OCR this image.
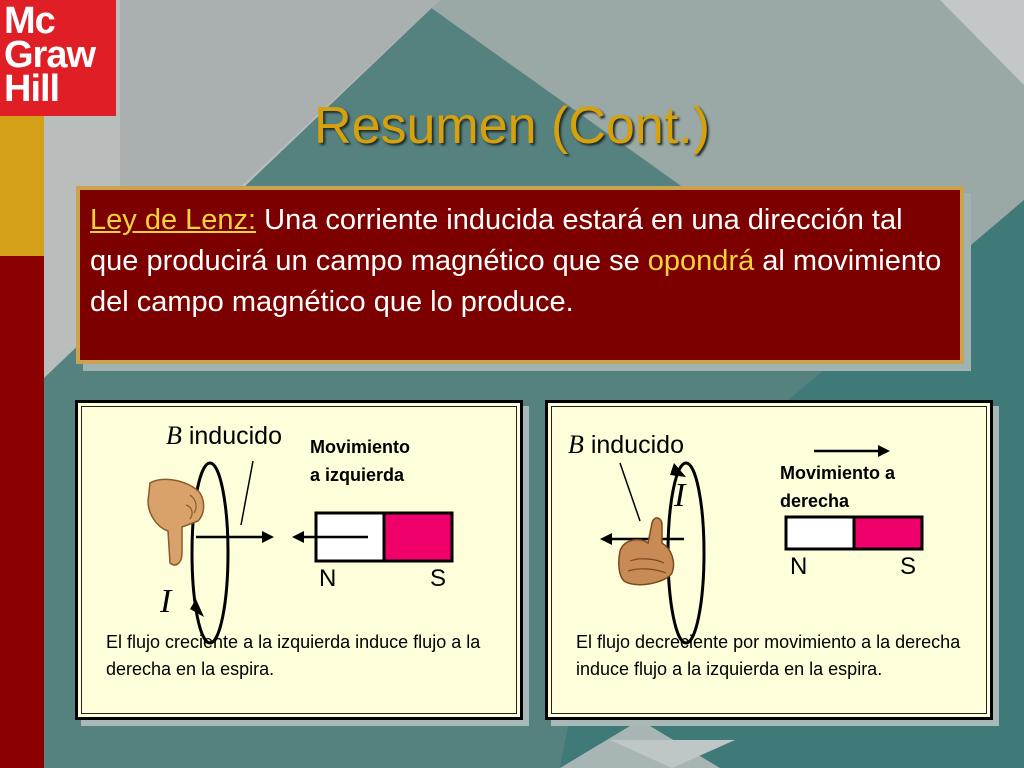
Mc
Graw
Hill
Resumen (Cont.)

Ley de Lenz: Una corriente inducida estará en una dirección tal que producirá un campo magnético que se opondrá al movimiento del campo magnético que lo produce.

B inducido Movimiento
a izquierda
N	S
I
El flujo creciente a la izquierda induce flujo a la derecha en la espira.
B inducido
Movimiento a
derecha
N	S
I
El flujo decreciente por movimiento a la derecha induce flujo a la izquierda en la espira.
